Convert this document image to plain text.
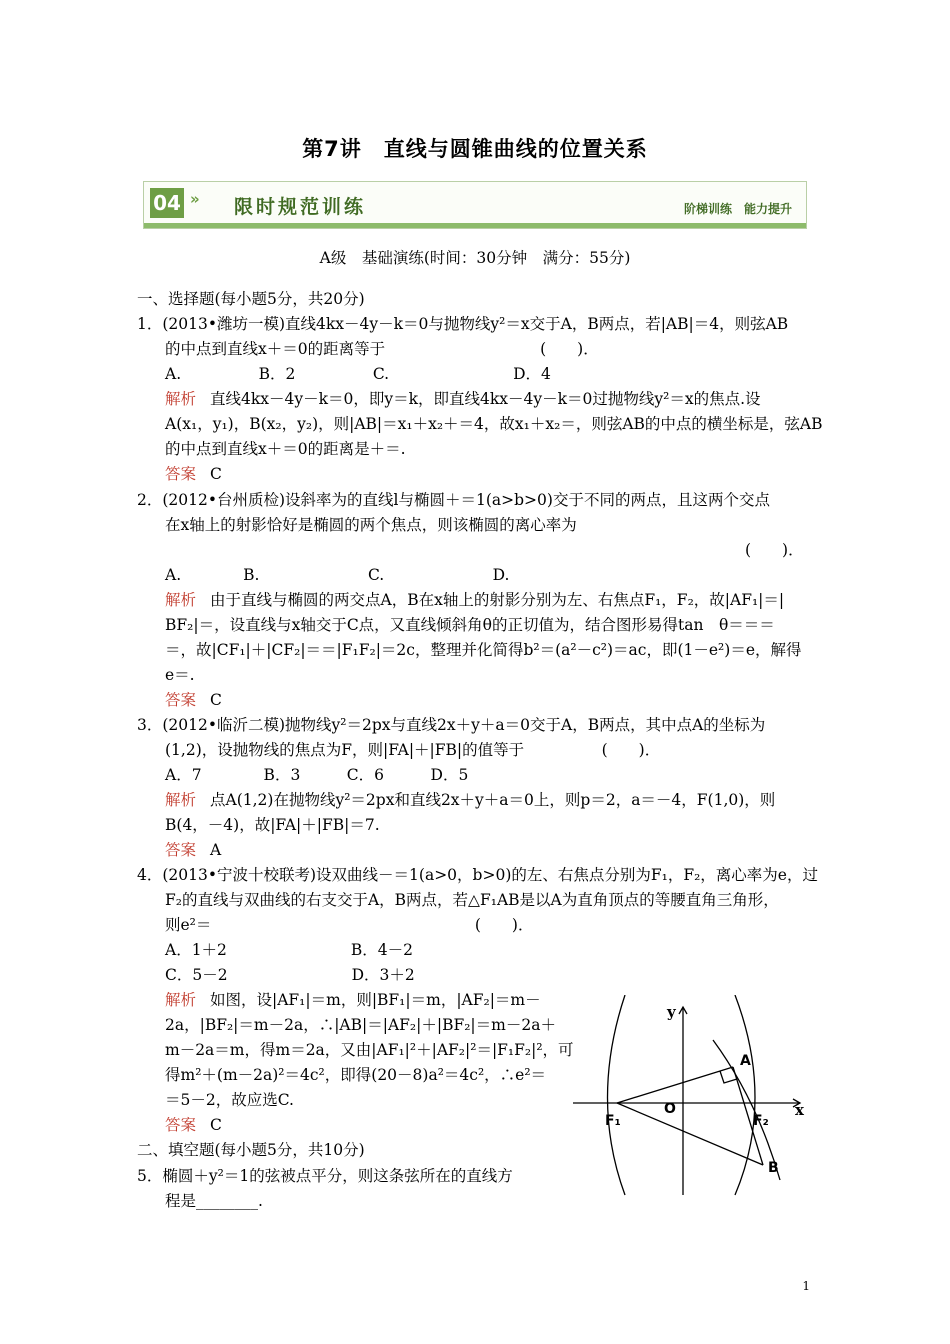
第7讲　直线与圆锥曲线的位置关系
04 » 限时规范训练	阶梯训练　能力提升
A级　基础演练(时间：30分钟　满分：55分)
一、选择题(每小题5分，共20分)
1．(2013•潍坊一模)直线4kx－4y－k＝0与抛物线y²＝x交于A，B两点，若|AB|＝4，则弦AB
的中点到直线x＋＝0的距离等于　　　　　　　　　　(　　)．
A.　　　　　B．2　　　　　C.　　　　　　　　D．4
解析 直线4kx－4y－k＝0，即y＝k，即直线4kx－4y－k＝0过抛物线y²＝x的焦点.设
A(x₁，y₁)，B(x₂，y₂)，则|AB|＝x₁＋x₂＋＝4，故x₁＋x₂＝，则弦AB的中点的横坐标是，弦AB
的中点到直线x＋＝0的距离是＋＝.
答案 C
2．(2012•台州质检)设斜率为的直线l与椭圆＋＝1(a>b>0)交于不同的两点，且这两个交点
在x轴上的射影恰好是椭圆的两个焦点，则该椭圆的离心率为
(　　)．
A.　　　　B.　　　　　　　C.　　　　　　　D.
解析 由于直线与椭圆的两交点A，B在x轴上的射影分别为左、右焦点F₁，F₂，故|AF₁|＝|
BF₂|＝，设直线与x轴交于C点，又直线倾斜角θ的正切值为，结合图形易得tan　θ＝＝＝
＝，故|CF₁|＋|CF₂|＝＝|F₁F₂|＝2c，整理并化简得b²＝(a²－c²)＝ac，即(1－e²)＝e，解得
e＝.
答案 C
3．(2012•临沂二模)抛物线y²＝2px与直线2x＋y＋a＝0交于A，B两点，其中点A的坐标为
(1,2)，设抛物线的焦点为F，则|FA|＋|FB|的值等于　　　　　(　　)．
A．7　　　　B．3　　　C．6　　　D．5
解析 点A(1,2)在抛物线y²＝2px和直线2x＋y＋a＝0上，则p＝2，a＝－4，F(1,0)，则
B(4，－4)，故|FA|＋|FB|＝7.
答案 A
4．(2013•宁波十校联考)设双曲线－＝1(a>0，b>0)的左、右焦点分别为F₁，F₂，离心率为e，过
F₂的直线与双曲线的右支交于A，B两点，若△F₁AB是以A为直角顶点的等腰直角三角形，
则e²＝　　　　　　　　　　　　　　　　　(　　)．
A．1＋2　　　　　　　　B．4－2
C．5－2　　　　　　　　D．3＋2
解析 如图，设|AF₁|＝m，则|BF₁|＝m，|AF₂|＝m－
2a，|BF₂|＝m－2a，∴|AB|＝|AF₂|＋|BF₂|＝m－2a＋
m－2a＝m，得m＝2a，又由|AF₁|²＋|AF₂|²＝|F₁F₂|²，可
得m²＋(m－2a)²＝4c²，即得(20－8)a²＝4c²，∴e²＝
＝5－2，故应选C.
答案 C
二、填空题(每小题5分，共10分)
5．椭圆＋y²＝1的弦被点平分，则这条弦所在的直线方
程是________.
y
x
O
F₁	F₂
A
B
1
